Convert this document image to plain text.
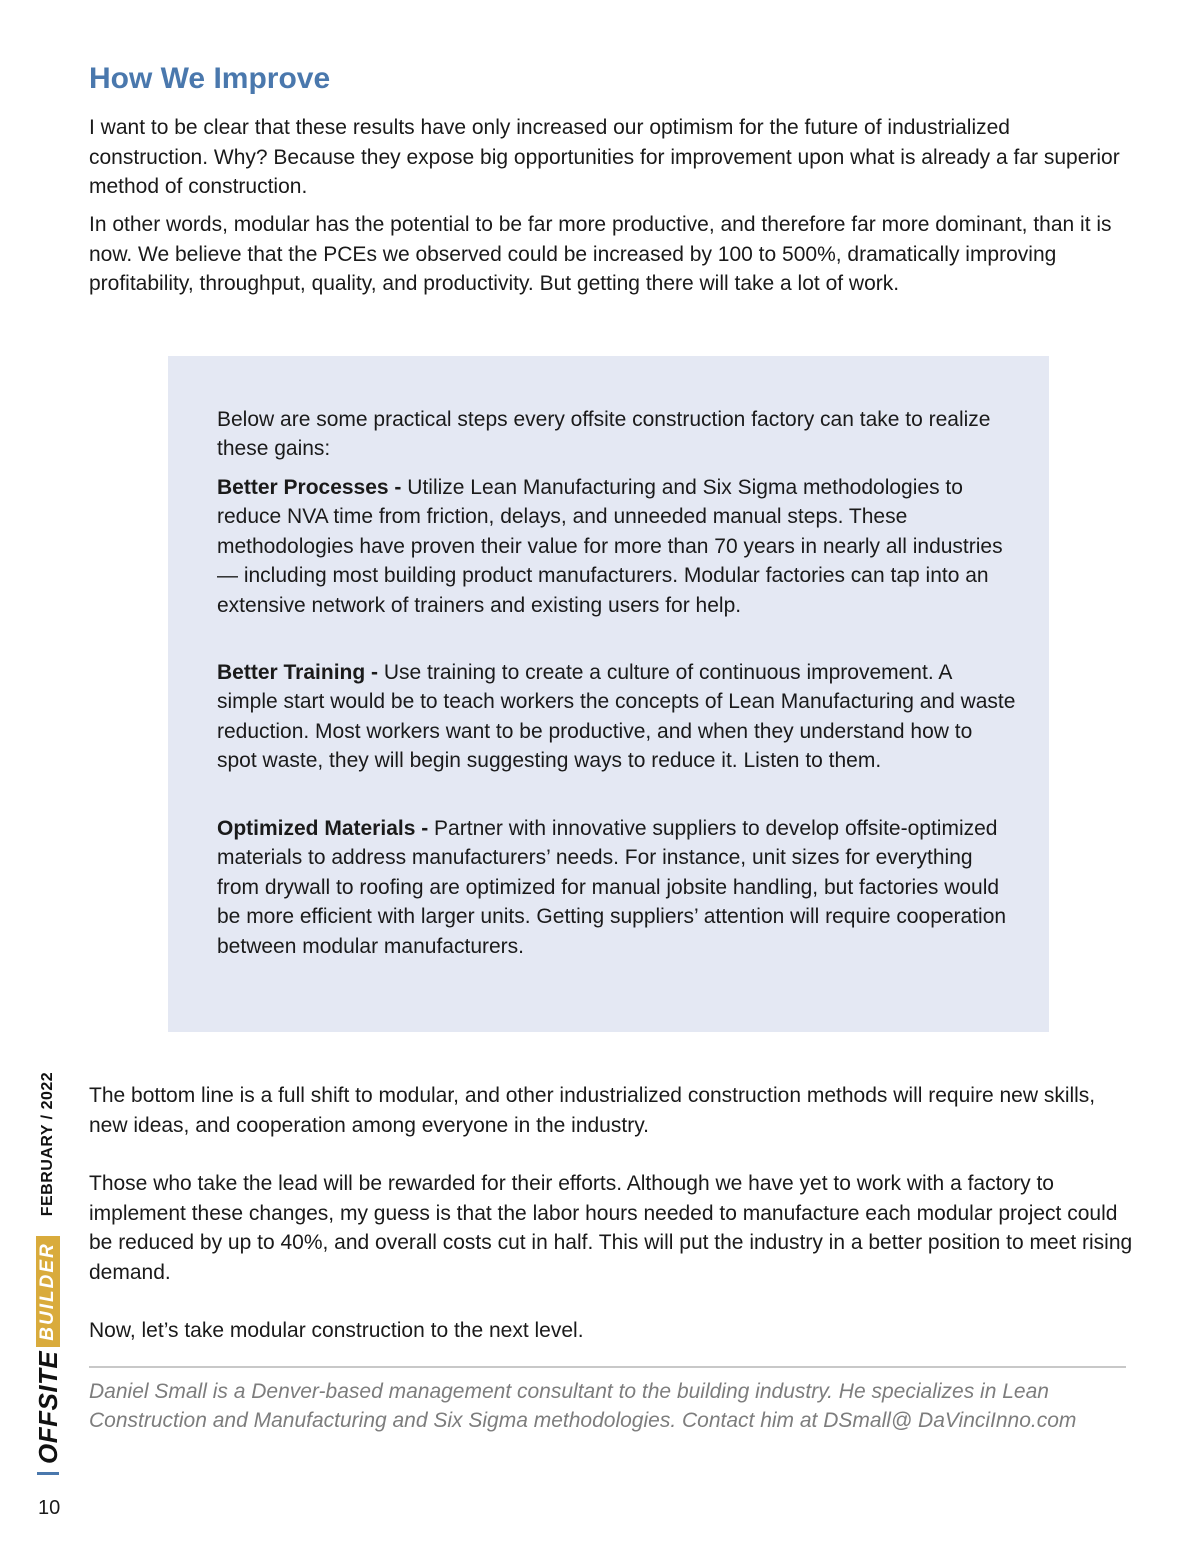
How We Improve

I want to be clear that these results have only increased our optimism for the future of industrialized construction. Why? Because they expose big opportunities for improvement upon what is already a far superior method of construction.

In other words, modular has the potential to be far more productive, and therefore far more dominant, than it is now. We believe that the PCEs we observed could be increased by 100 to 500%, dramatically improving profitability, throughput, quality, and productivity. But getting there will take a lot of work.

Below are some practical steps every offsite construction factory can take to realize these gains:

Better Processes - Utilize Lean Manufacturing and Six Sigma methodologies to reduce NVA time from friction, delays, and unneeded manual steps. These methodologies have proven their value for more than 70 years in nearly all industries — including most building product manufacturers. Modular factories can tap into an extensive network of trainers and existing users for help.

Better Training - Use training to create a culture of continuous improvement. A simple start would be to teach workers the concepts of Lean Manufacturing and waste reduction. Most workers want to be productive, and when they understand how to spot waste, they will begin suggesting ways to reduce it. Listen to them.

Optimized Materials - Partner with innovative suppliers to develop offsite-optimized materials to address manufacturers’ needs. For instance, unit sizes for everything from drywall to roofing are optimized for manual jobsite handling, but factories would be more efficient with larger units. Getting suppliers’ attention will require cooperation between modular manufacturers.

The bottom line is a full shift to modular, and other industrialized construction methods will require new skills, new ideas, and cooperation among everyone in the industry.

Those who take the lead will be rewarded for their efforts. Although we have yet to work with a factory to implement these changes, my guess is that the labor hours needed to manufacture each modular project could be reduced by up to 40%, and overall costs cut in half. This will put the industry in a better position to meet rising demand.

Now, let’s take modular construction to the next level.

Daniel Small is a Denver-based management consultant to the building industry. He specializes in Lean Construction and Manufacturing and Six Sigma methodologies. Contact him at DSmall@ DaVinciInno.com

OFFSITE
BUILDER
FEBRUARY / 2022

10
